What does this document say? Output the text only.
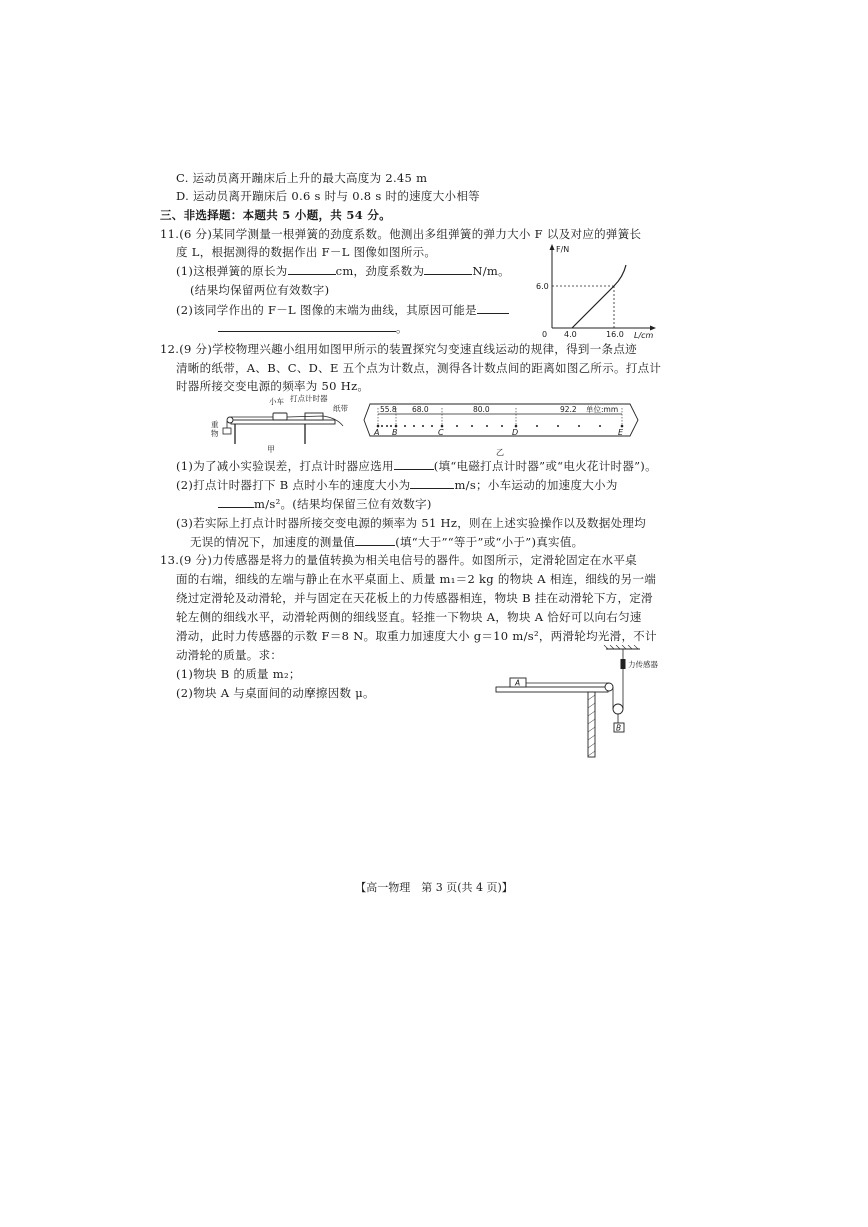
C. 运动员离开蹦床后上升的最大高度为 2.45 m
D. 运动员离开蹦床后 0.6 s 时与 0.8 s 时的速度大小相等
三、非选择题：本题共 5 小题，共 54 分。
11.(6 分)某同学测量一根弹簧的劲度系数。他测出多组弹簧的弹力大小 F 以及对应的弹簧长
度 L，根据测得的数据作出 F－L 图像如图所示。
(1)这根弹簧的原长为	cm，劲度系数为	N/m。
(结果均保留两位有效数字)
(2)该同学作出的 F－L 图像的末端为曲线，其原因可能是
。
F/N
L/cm
0
6.0
4.0	16.0
12.(9 分)学校物理兴趣小组用如图甲所示的装置探究匀变速直线运动的规律，得到一条点迹
清晰的纸带，A、B、C、D、E 五个点为计数点，测得各计数点间的距离如图乙所示。打点计
时器所接交变电源的频率为 50 Hz。
小车 打点计时器
纸带
重
物
甲
55.8 68.0	80.0	92.2 单位:mm
A B	C	D	E
乙
(1)为了减小实验误差，打点计时器应选用	(填“电磁打点计时器”或“电火花计时器”)。
(2)打点计时器打下 B 点时小车的速度大小为	m/s；小车运动的加速度大小为
m/s²。(结果均保留三位有效数字)
(3)若实际上打点计时器所接交变电源的频率为 51 Hz，则在上述实验操作以及数据处理均
无误的情况下，加速度的测量值	(填“大于”“等于”或“小于”)真实值。
13.(9 分)力传感器是将力的量值转换为相关电信号的器件。如图所示，定滑轮固定在水平桌
面的右端，细线的左端与静止在水平桌面上、质量 m₁＝2 kg 的物块 A 相连，细线的另一端
绕过定滑轮及动滑轮，并与固定在天花板上的力传感器相连，物块 B 挂在动滑轮下方，定滑
轮左侧的细线水平，动滑轮两侧的细线竖直。轻推一下物块 A，物块 A 恰好可以向右匀速
滑动，此时力传感器的示数 F＝8 N。取重力加速度大小 g＝10 m/s²，两滑轮均光滑，不计
动滑轮的质量。求：
(1)物块 B 的质量 m₂；
(2)物块 A 与桌面间的动摩擦因数 μ。
力传感器
A
B
【高一物理　第 3 页(共 4 页)】
